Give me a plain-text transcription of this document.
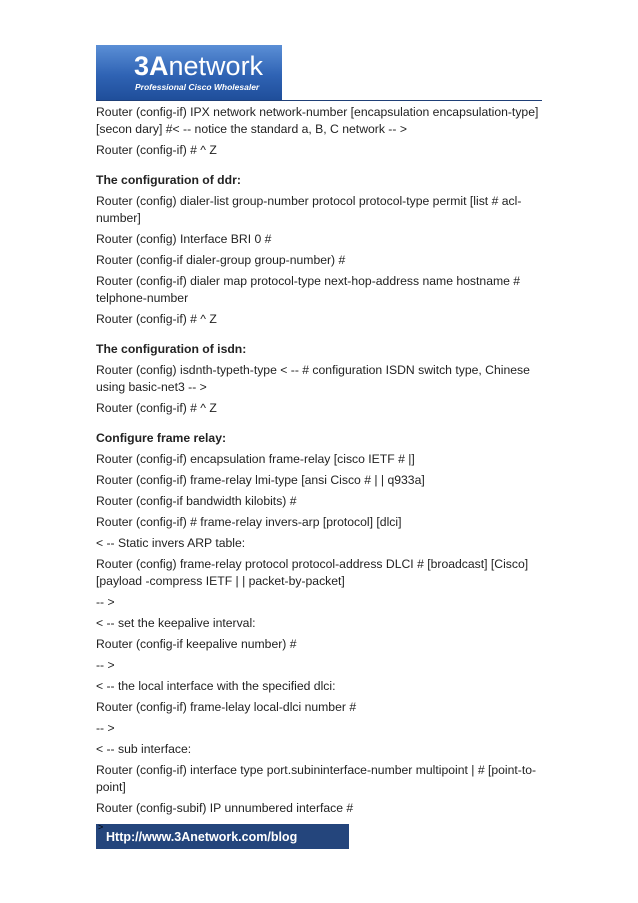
3Anetwork
Professional Cisco Wholesaler

Router (config-if) IPX network network-number [encapsulation encapsulation-type] [secon dary] #< -- notice the standard a, B, C network -- >

Router (config-if) # ^ Z

The configuration of ddr:

Router (config) dialer-list group-number protocol protocol-type permit [list # acl-number]

Router (config) Interface BRI 0 #

Router (config-if dialer-group group-number) #

Router (config-if) dialer map protocol-type next-hop-address name hostname # telphone-number

Router (config-if) # ^ Z

The configuration of isdn:

Router (config) isdnth-typeth-type < -- # configuration ISDN switch type, Chinese using basic-net3 -- >

Router (config-if) # ^ Z

Configure frame relay:

Router (config-if) encapsulation frame-relay [cisco IETF # |]

Router (config-if) frame-relay lmi-type [ansi Cisco # | | q933a]

Router (config-if bandwidth kilobits) #

Router (config-if) # frame-relay invers-arp [protocol] [dlci]

< -- Static invers ARP table:

Router (config) frame-relay protocol protocol-address DLCI # [broadcast] [Cisco] [payload -compress IETF | | packet-by-packet]

-- >

< -- set the keepalive interval:

Router (config-if keepalive number) #

-- >

< -- the local interface with the specified dlci:

Router (config-if) frame-lelay local-dlci number #

-- >

< -- sub interface:

Router (config-if) interface type port.subininterface-number multipoint | # [point-to-point]

Router (config-subif) IP unnumbered interface #

>
Http://www.3Anetwork.com/blog
